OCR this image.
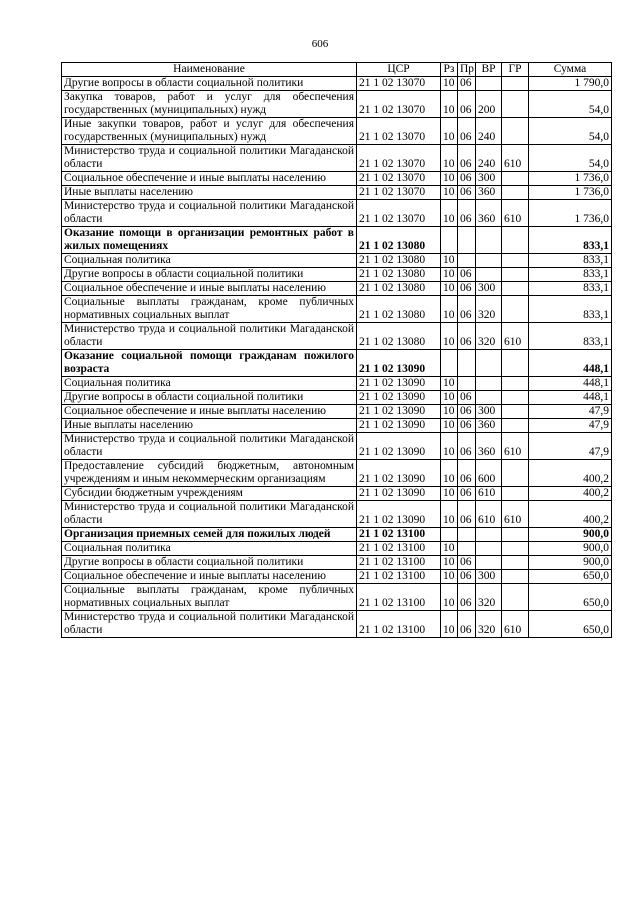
606
Наименование	ЦСР	Рз	Пр	ВР	ГР	Сумма
Другие вопросы в области социальной политики	21 1 02 13070	10	06			1 790,0
Закупка товаров, работ и услуг для обеспечения государственных (муниципальных) нужд	21 1 02 13070	10	06	200		54,0
Иные закупки товаров, работ и услуг для обеспечения государственных (муниципальных) нужд	21 1 02 13070	10	06	240		54,0
Министерство труда и социальной политики Магаданской области	21 1 02 13070	10	06	240	610	54,0
Социальное обеспечение и иные выплаты населению	21 1 02 13070	10	06	300		1 736,0
Иные выплаты населению	21 1 02 13070	10	06	360		1 736,0
Министерство труда и социальной политики Магаданской области	21 1 02 13070	10	06	360	610	1 736,0
Оказание помощи в организации ремонтных работ в жилых помещениях	21 1 02 13080					833,1
Социальная политика	21 1 02 13080	10				833,1
Другие вопросы в области социальной политики	21 1 02 13080	10	06			833,1
Социальное обеспечение и иные выплаты населению	21 1 02 13080	10	06	300		833,1
Социальные выплаты гражданам, кроме публичных нормативных социальных выплат	21 1 02 13080	10	06	320		833,1
Министерство труда и социальной политики Магаданской области	21 1 02 13080	10	06	320	610	833,1
Оказание социальной помощи гражданам пожилого возраста	21 1 02 13090					448,1
Социальная политика	21 1 02 13090	10				448,1
Другие вопросы в области социальной политики	21 1 02 13090	10	06			448,1
Социальное обеспечение и иные выплаты населению	21 1 02 13090	10	06	300		47,9
Иные выплаты населению	21 1 02 13090	10	06	360		47,9
Министерство труда и социальной политики Магаданской области	21 1 02 13090	10	06	360	610	47,9
Предоставление субсидий бюджетным, автономным учреждениям и иным некоммерческим организациям	21 1 02 13090	10	06	600		400,2
Субсидии бюджетным учреждениям	21 1 02 13090	10	06	610		400,2
Министерство труда и социальной политики Магаданской области	21 1 02 13090	10	06	610	610	400,2
Организация приемных семей для пожилых людей	21 1 02 13100					900,0
Социальная политика	21 1 02 13100	10				900,0
Другие вопросы в области социальной политики	21 1 02 13100	10	06			900,0
Социальное обеспечение и иные выплаты населению	21 1 02 13100	10	06	300		650,0
Социальные выплаты гражданам, кроме публичных нормативных социальных выплат	21 1 02 13100	10	06	320		650,0
Министерство труда и социальной политики Магаданской области	21 1 02 13100	10	06	320	610	650,0
